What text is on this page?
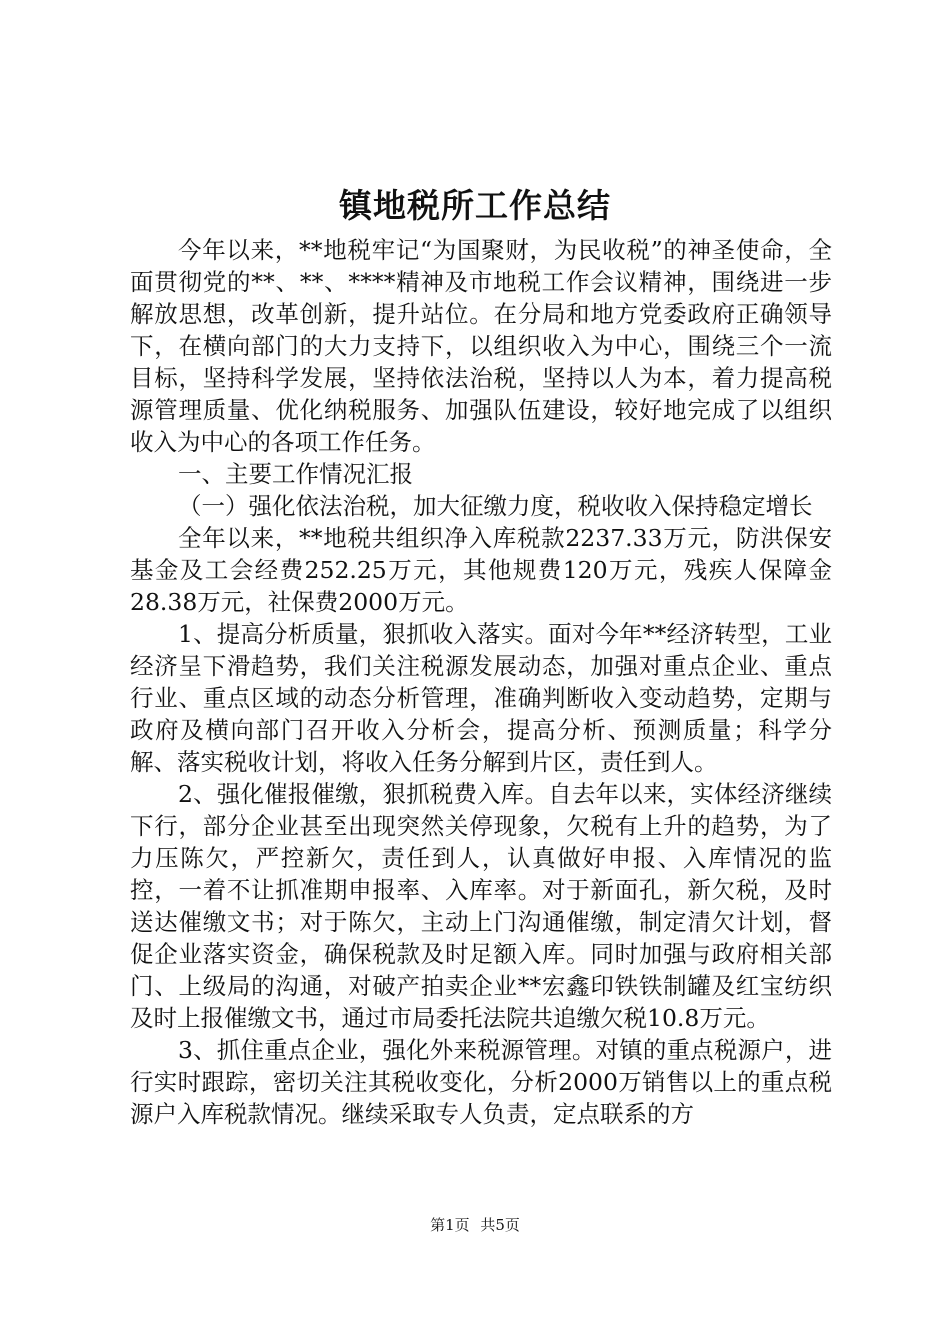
镇地税所工作总结

今年以来，**地税牢记“为国聚财，为民收税”的神圣使命，全面贯彻党的**、**、****精神及市地税工作会议精神，围绕进一步解放思想，改革创新，提升站位。在分局和地方党委政府正确领导下，在横向部门的大力支持下，以组织收入为中心，围绕三个一流目标，坚持科学发展，坚持依法治税，坚持以人为本，着力提高税源管理质量、优化纳税服务、加强队伍建设，较好地完成了以组织收入为中心的各项工作任务。

一、主要工作情况汇报

（一）强化依法治税，加大征缴力度，税收收入保持稳定增长

全年以来，**地税共组织净入库税款2237.33万元，防洪保安基金及工会经费252.25万元，其他规费120万元，残疾人保障金28.38万元，社保费2000万元。

1、提高分析质量，狠抓收入落实。面对今年**经济转型，工业经济呈下滑趋势，我们关注税源发展动态，加强对重点企业、重点行业、重点区域的动态分析管理，准确判断收入变动趋势，定期与政府及横向部门召开收入分析会，提高分析、预测质量；科学分解、落实税收计划，将收入任务分解到片区，责任到人。

2、强化催报催缴，狠抓税费入库。自去年以来，实体经济继续下行，部分企业甚至出现突然关停现象，欠税有上升的趋势，为了力压陈欠，严控新欠，责任到人，认真做好申报、入库情况的监控，一着不让抓准期申报率、入库率。对于新面孔，新欠税，及时送达催缴文书；对于陈欠，主动上门沟通催缴，制定清欠计划，督促企业落实资金，确保税款及时足额入库。同时加强与政府相关部门、上级局的沟通，对破产拍卖企业**宏鑫印铁铁制罐及红宝纺织及时上报催缴文书，通过市局委托法院共追缴欠税10.8万元。

3、抓住重点企业，强化外来税源管理。对镇的重点税源户，进行实时跟踪，密切关注其税收变化，分析2000万销售以上的重点税源户入库税款情况。继续采取专人负责，定点联系的方

第1页 共5页
